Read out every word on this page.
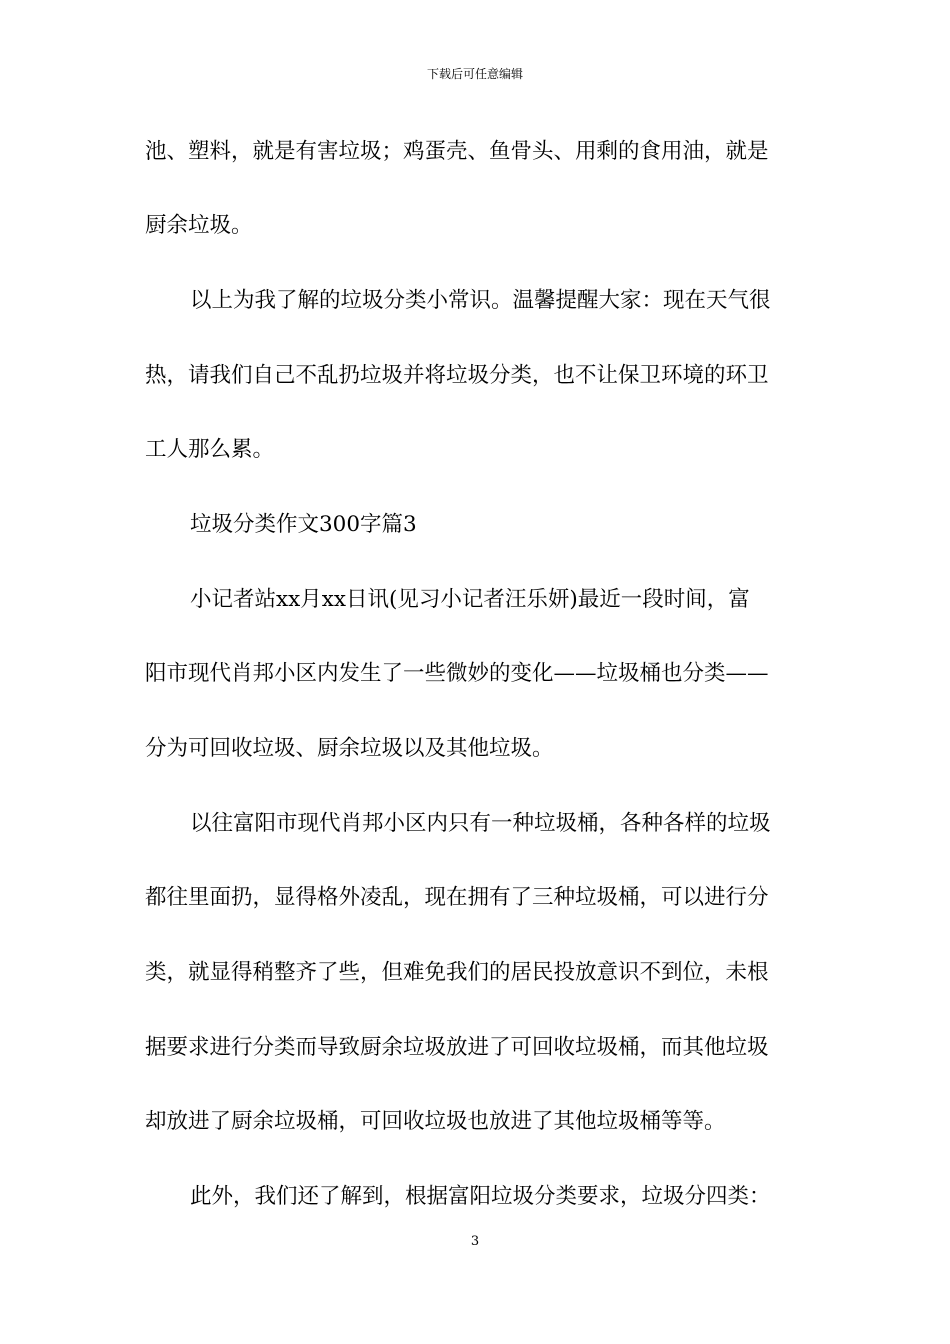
下载后可任意编辑
池、塑料，就是有害垃圾；鸡蛋壳、鱼骨头、用剩的食用油，就是
厨余垃圾。
以上为我了解的垃圾分类小常识。温馨提醒大家：现在天气很
热，请我们自己不乱扔垃圾并将垃圾分类，也不让保卫环境的环卫
工人那么累。
垃圾分类作文300字篇3
小记者站xx月xx日讯(见习小记者汪乐妍)最近一段时间，富
阳市现代肖邦小区内发生了一些微妙的变化——垃圾桶也分类——
分为可回收垃圾、厨余垃圾以及其他垃圾。
以往富阳市现代肖邦小区内只有一种垃圾桶，各种各样的垃圾
都往里面扔，显得格外凌乱，现在拥有了三种垃圾桶，可以进行分
类，就显得稍整齐了些，但难免我们的居民投放意识不到位，未根
据要求进行分类而导致厨余垃圾放进了可回收垃圾桶，而其他垃圾
却放进了厨余垃圾桶，可回收垃圾也放进了其他垃圾桶等等。
此外，我们还了解到，根据富阳垃圾分类要求，垃圾分四类：
3
